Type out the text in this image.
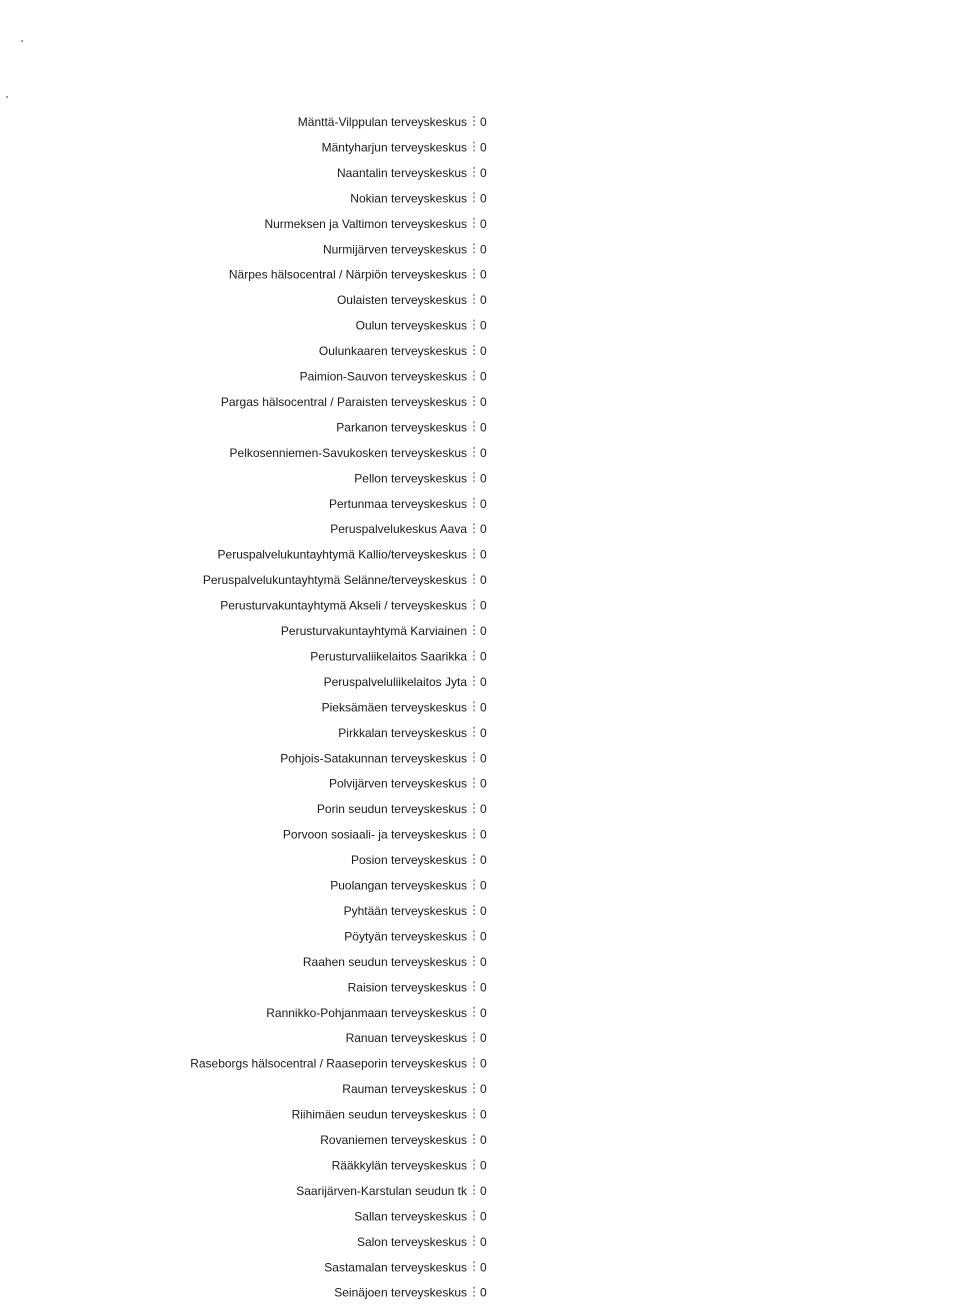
Mänttä-Vilppulan terveyskeskus
Mäntyharjun terveyskeskus
Naantalin terveyskeskus
Nokian terveyskeskus
Nurmeksen ja Valtimon terveyskeskus
Nurmijärven terveyskeskus
Närpes hälsocentral / Närpiön terveyskeskus
Oulaisten terveyskeskus
Oulun terveyskeskus
Oulunkaaren terveyskeskus
Paimion-Sauvon terveyskeskus
Pargas hälsocentral / Paraisten terveyskeskus
Parkanon terveyskeskus
Pelkosenniemen-Savukosken terveyskeskus
Pellon terveyskeskus
Pertunmaa terveyskeskus
Peruspalvelukeskus Aava
Peruspalvelukuntayhtymä Kallio/terveyskeskus
Peruspalvelukuntayhtymä Selänne/terveyskeskus
Perusturvakuntayhtymä Akseli / terveyskeskus
Perusturvakuntayhtymä Karviainen
Perusturvaliikelaitos Saarikka
Peruspalveluliikelaitos Jyta
Pieksämäen terveyskeskus
Pirkkalan terveyskeskus
Pohjois-Satakunnan terveyskeskus
Polvijärven terveyskeskus
Porin seudun terveyskeskus
Porvoon sosiaali- ja terveyskeskus
Posion terveyskeskus
Puolangan terveyskeskus
Pyhtään terveyskeskus
Pöytyän terveyskeskus
Raahen seudun terveyskeskus
Raision terveyskeskus
Rannikko-Pohjanmaan terveyskeskus
Ranuan terveyskeskus
Raseborgs hälsocentral / Raaseporin terveyskeskus
Rauman terveyskeskus
Riihimäen seudun terveyskeskus
Rovaniemen terveyskeskus
Rääkkylän terveyskeskus
Saarijärven-Karstulan seudun tk
Sallan terveyskeskus
Salon terveyskeskus
Sastamalan terveyskeskus
Seinäjoen terveyskeskus
0
0
0
0
0
0
0
0
0
0
0
0
0
0
0
0
0
0
0
0
0
0
0
0
0
0
0
0
0
0
0
0
0
0
0
0
0
0
0
0
0
0
0
0
0
0
0
